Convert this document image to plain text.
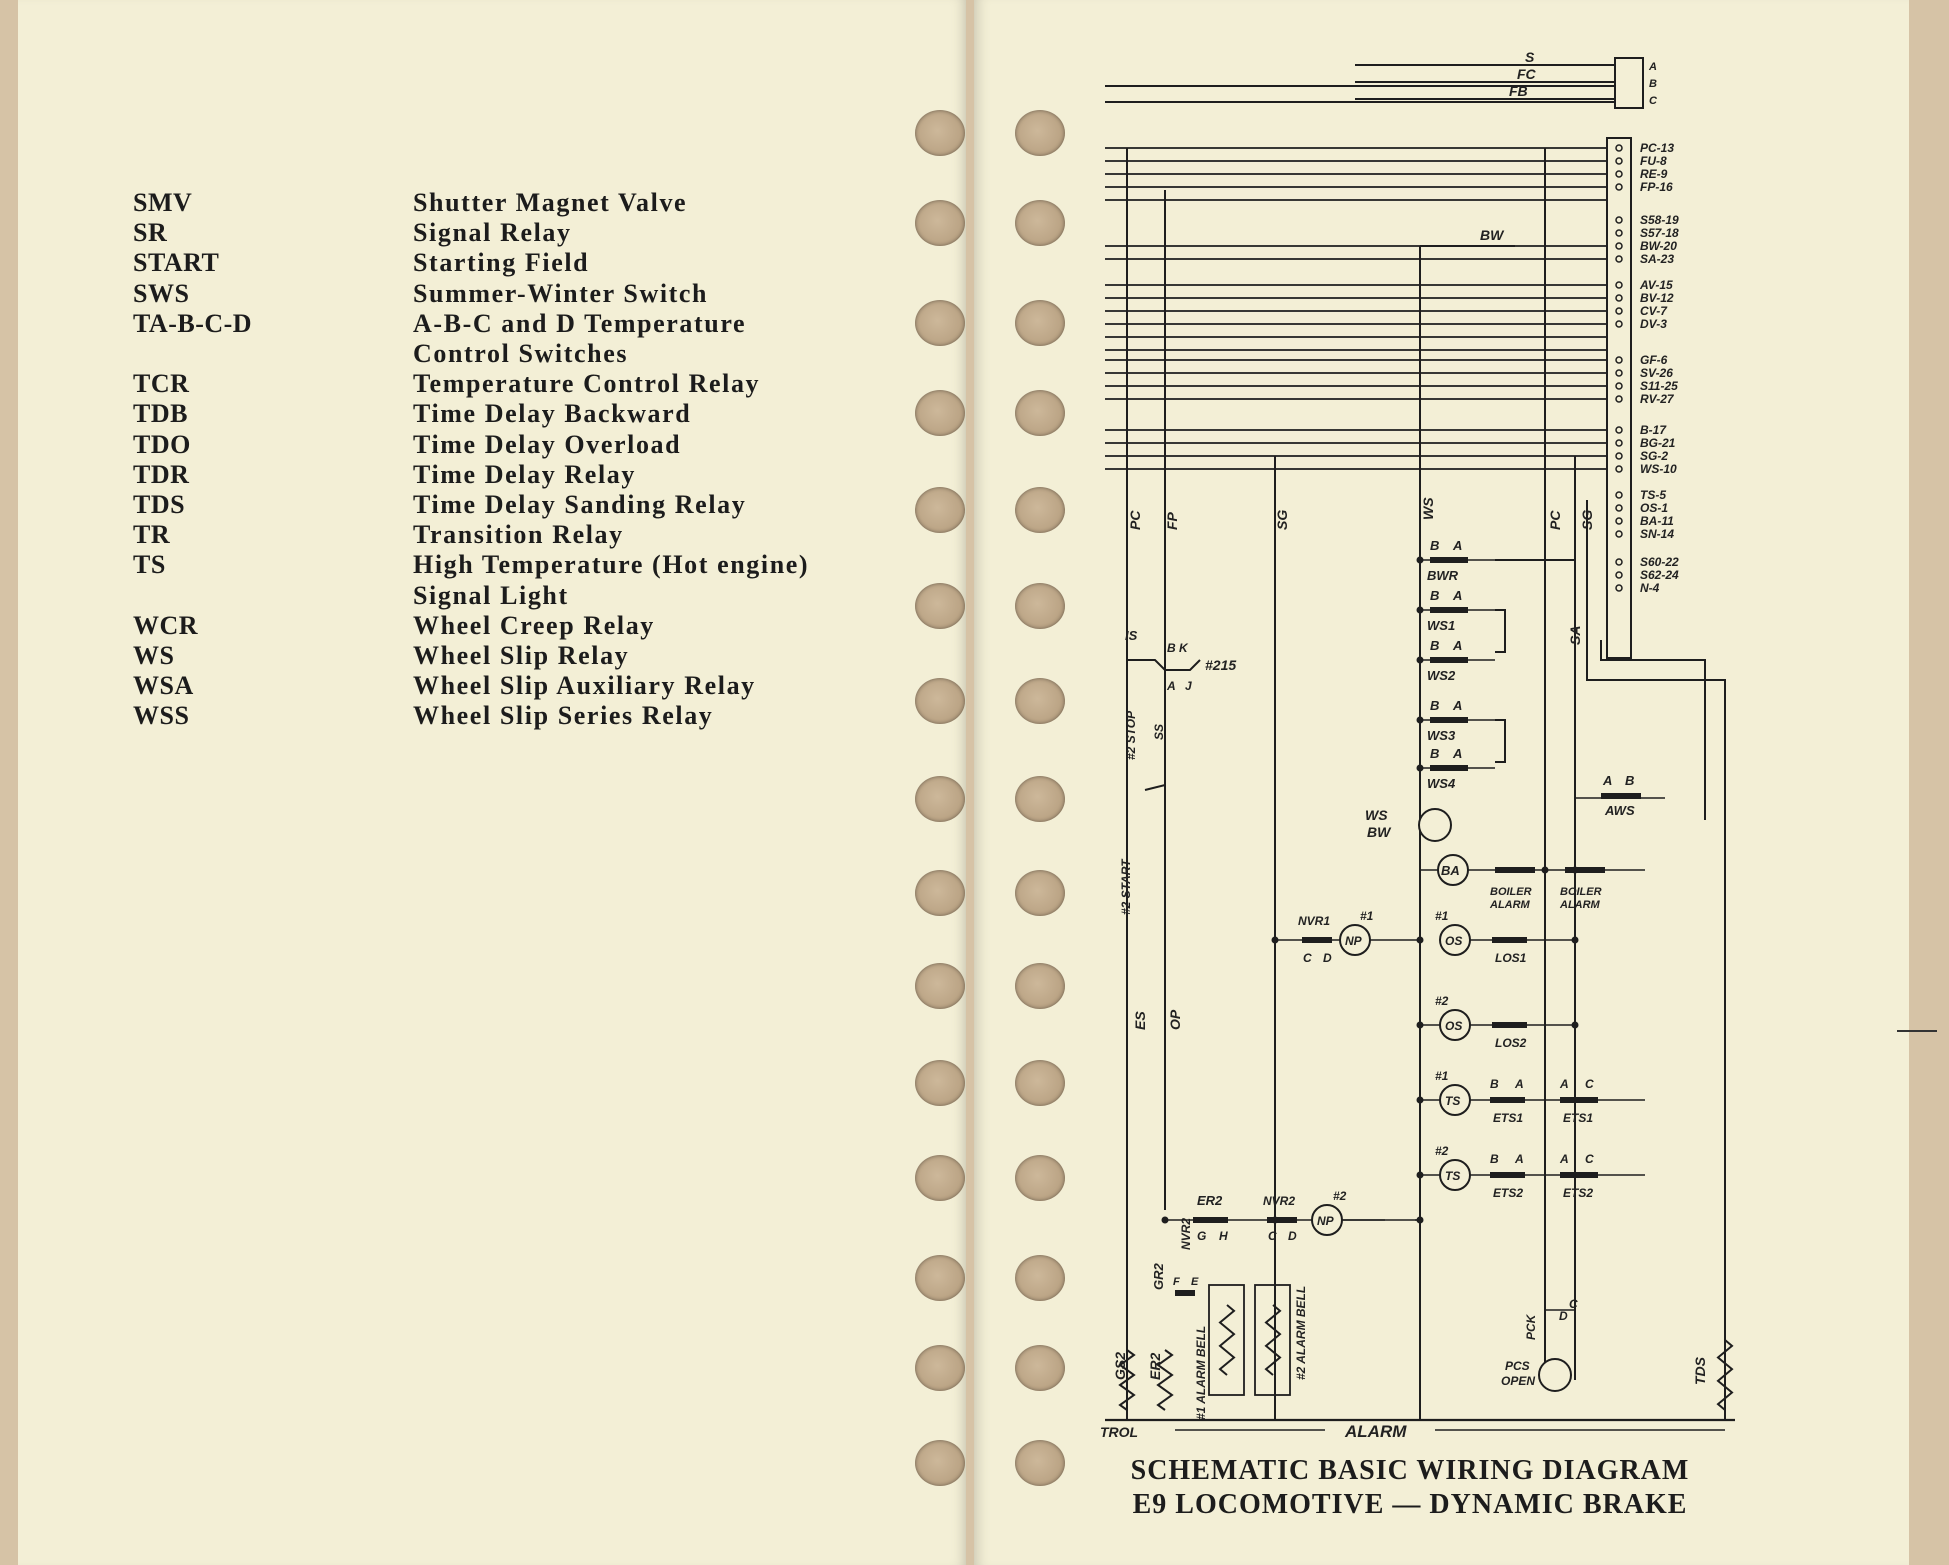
SMV	Shutter Magnet Valve
SR	Signal Relay
START	Starting Field
SWS	Summer-Winter Switch
TA-B-C-D	A-B-C and D Temperature
Control Switches
TCR	Temperature Control Relay
TDB	Time Delay Backward
TDO	Time Delay Overload
TDR	Time Delay Relay
TDS	Time Delay Sanding Relay
TR	Transition Relay
TS	High Temperature (Hot engine)
Signal Light
WCR	Wheel Creep Relay
WS	Wheel Slip Relay
WSA	Wheel Slip Auxiliary Relay
WSS	Wheel Slip Series Relay
S
FC
FB
A
B
C
PC-13
FU-8
RE-9
FP-16
S58-19
S57-18
BW-20
SA-23
AV-15
BV-12
CV-7
DV-3
GF-6
SV-26
S11-25
RV-27
B-17
BG-21
SG-2
WS-10
TS-5
OS-1
BA-11
SN-14
S60-22
S62-24
N-4
BW
PC FP	SG	WS
PC SG
SA
ES OP
GS2 ER2
GR2
NVR2
TDS
IS
#2 STOP SS
#2 START
#215
B K
A J
B A
BWR
B A
WS1
B A
WS2
B A
WS3
B A
WS4	A B
AWS
WS
BW
BA
BOILER
ALARM
BOILER
ALARM
NVR1
C D
NP
#1
OS
#1
LOS1
OS
#2
LOS2
TS
#1
B A
ETS1
A C
ETS1
TS
#2
B A
ETS2
A C
ETS2
ER2
G H
NVR2
C D
NP
#2
#1 ALARM BELL	#2 ALARM BELL
F E
PCK D
C
PCS
OPEN
TROL	ALARM
SCHEMATIC BASIC WIRING DIAGRAM
E9 LOCOMOTIVE — DYNAMIC BRAKE
